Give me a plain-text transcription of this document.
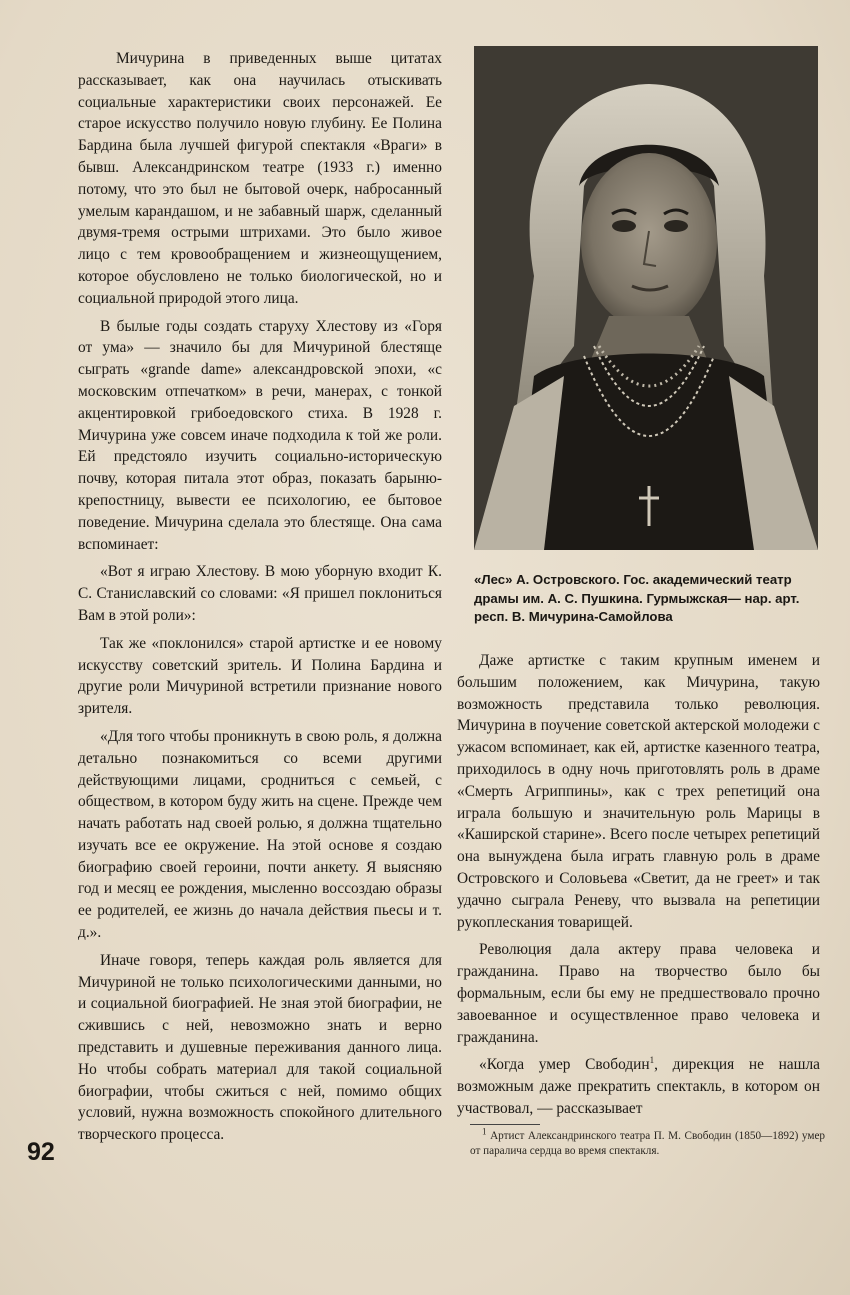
Мичурина в приведенных выше цитатах рассказывает, как она научилась отыскивать социальные характеристики своих персонажей. Ее старое искусство получило новую глубину. Ее Полина Бардина была лучшей фигурой спектакля «Враги» в бывш. Александринском театре (1933 г.) именно потому, что это был не бытовой очерк, набросанный умелым карандашом, и не забавный шарж, сделанный двумя-тремя острыми штрихами. Это было живое лицо с тем кровообращением и жизнеощущением, которое обусловлено не только биологической, но и социальной природой этого лица.

В былые годы создать старуху Хлестову из «Горя от ума» — значило бы для Мичуриной блестяще сыграть «grande dame» александровской эпохи, «с московским отпечатком» в речи, манерах, с тонкой акцентировкой грибоедовского стиха. В 1928 г. Мичурина уже совсем иначе подходила к той же роли. Ей предстояло изучить социально-историческую почву, которая питала этот образ, показать барыню-крепостницу, вывести ее психологию, ее бытовое поведение. Мичурина сделала это блестяще. Она сама вспоминает:

«Вот я играю Хлестову. В мою уборную входит К. С. Станиславский со словами: «Я пришел поклониться Вам в этой роли»:

Так же «поклонился» старой артистке и ее новому искусству советский зритель. И Полина Бардина и другие роли Мичуриной встретили признание нового зрителя.

«Для того чтобы проникнуть в свою роль, я должна детально познакомиться со всеми другими действующими лицами, сродниться с семьей, с обществом, в котором буду жить на сцене. Прежде чем начать работать над своей ролью, я должна тщательно изучать все ее окружение. На этой основе я создаю биографию своей героини, почти анкету. Я выясняю год и месяц ее рождения, мысленно воссоздаю образы ее родителей, ее жизнь до начала действия пьесы и т. д.».

Иначе говоря, теперь каждая роль является для Мичуриной не только психологическими данными, но и социальной биографией. Не зная этой биографии, не сжившись с ней, невозможно знать и верно представить и душевные переживания данного лица. Но чтобы собрать материал для такой социальной биографии, чтобы сжиться с ней, помимо общих условий, нужна возможность спокойного длительного творческого процесса.

«Лес» А. Островского. Гос. академический театр драмы им. А. С. Пушкина. Гурмыжская— нар. арт. респ. В. Мичурина-Самойлова

Даже артистке с таким крупным именем и большим положением, как Мичурина, такую возможность представила только революция. Мичурина в поучение советской актерской молодежи с ужасом вспоминает, как ей, артистке казенного театра, приходилось в одну ночь приготовлять роль в драме «Смерть Агриппины», как с трех репетиций она играла большую и значительную роль Марицы в «Каширской старине». Всего после четырех репетиций она вынуждена была играть главную роль в драме Островского и Соловьева «Светит, да не греет» и так удачно сыграла Реневу, что вызвала на репетиции рукоплескания товарищей.

Революция дала актеру права человека и гражданина. Право на творчество было бы формальным, если бы ему не предшествовало прочно завоеванное и осуществленное право человека и гражданина.

«Когда умер Свободин$^1$, дирекция не нашла возможным даже прекратить спектакль, в котором он участвовал, — рассказывает

$^1$ Артист Александринского театра П. М. Свободин (1850—1892) умер от паралича сердца во время спектакля.

92
